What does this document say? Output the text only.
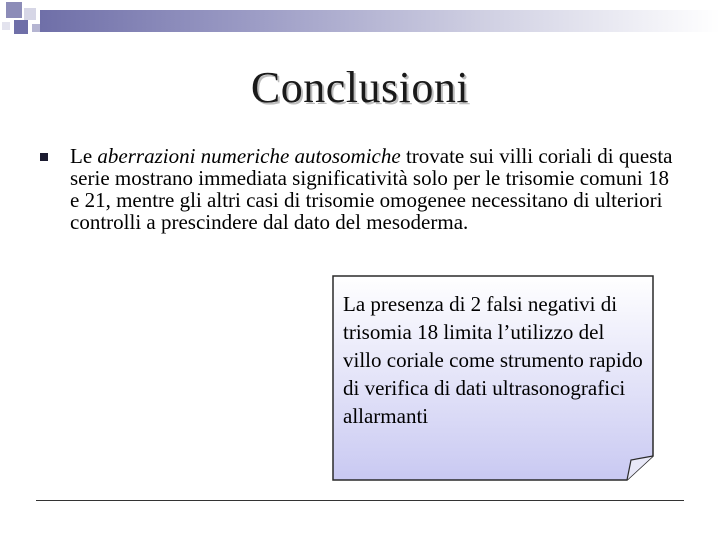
Conclusioni
Le aberrazioni numeriche autosomiche trovate sui villi coriali di questa serie mostrano immediata significatività solo per le trisomie comuni 18 e 21, mentre gli altri casi di trisomie omogenee necessitano di ulteriori controlli a prescindere dal dato del mesoderma.
La presenza di 2 falsi negativi di trisomia 18 limita l’utilizzo del villo coriale come strumento rapido di verifica di dati ultrasonografici allarmanti
